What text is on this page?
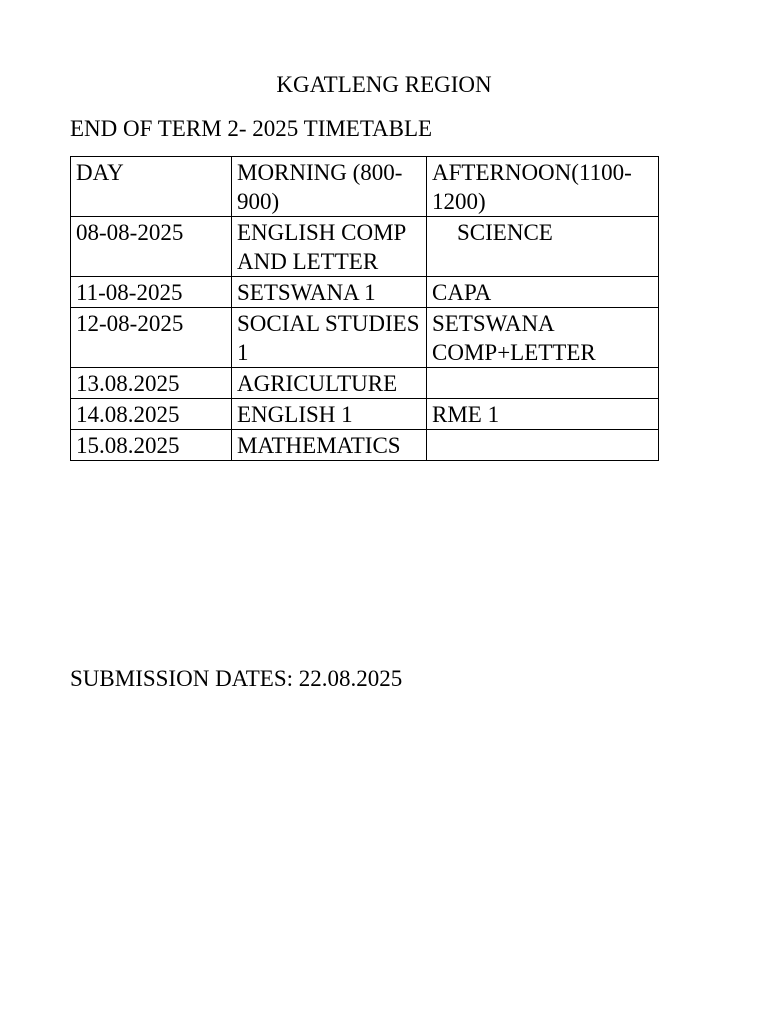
KGATLENG REGION
END OF TERM 2- 2025 TIMETABLE
DAY	MORNING (800-900)	AFTERNOON(1100-1200)
08-08-2025	ENGLISH COMP AND LETTER	SCIENCE
11-08-2025	SETSWANA 1	CAPA
12-08-2025	SOCIAL STUDIES 1	SETSWANA COMP+LETTER
13.08.2025	AGRICULTURE	
14.08.2025	ENGLISH 1	RME 1
15.08.2025	MATHEMATICS	

SUBMISSION DATES: 22.08.2025
